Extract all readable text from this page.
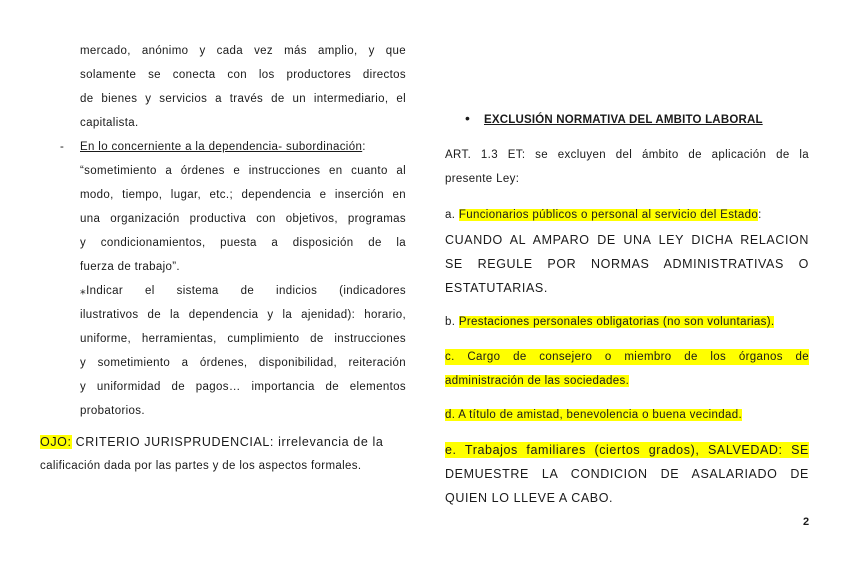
mercado, anónimo y cada vez más amplio, y que
solamente se conecta con los productores directos
de bienes y servicios a través de un intermediario, el
capitalista.
- En lo concerniente a la dependencia- subordinación:
“sometimiento a órdenes e instrucciones en cuanto al
modo, tiempo, lugar, etc.; dependencia e inserción en
una organización productiva con objetivos, programas
y condicionamientos, puesta a disposición de la
fuerza de trabajo”.
⁎Indicar el sistema de indicios (indicadores
ilustrativos de la dependencia y la ajenidad): horario,
uniforme, herramientas, cumplimiento de instrucciones
y sometimiento a órdenes, disponibilidad, reiteración
y uniformidad de pagos… importancia de elementos
probatorios.
OJO: CRITERIO JURISPRUDENCIAL: irrelevancia de la
calificación dada por las partes y de los aspectos formales.
• EXCLUSIÓN NORMATIVA DEL AMBITO LABORAL
ART. 1.3 ET: se excluyen del ámbito de aplicación de la
presente Ley:
a. Funcionarios públicos o personal al servicio del Estado:
CUANDO AL AMPARO DE UNA LEY DICHA RELACION
SE REGULE POR NORMAS ADMINISTRATIVAS O
ESTATUTARIAS.
b. Prestaciones personales obligatorias (no son voluntarias).
c. Cargo de consejero o miembro de los órganos de
administración de las sociedades.
d. A título de amistad, benevolencia o buena vecindad.
e. Trabajos familiares (ciertos grados), SALVEDAD: SE
DEMUESTRE LA CONDICION DE ASALARIADO DE
QUIEN LO LLEVE A CABO.
2
